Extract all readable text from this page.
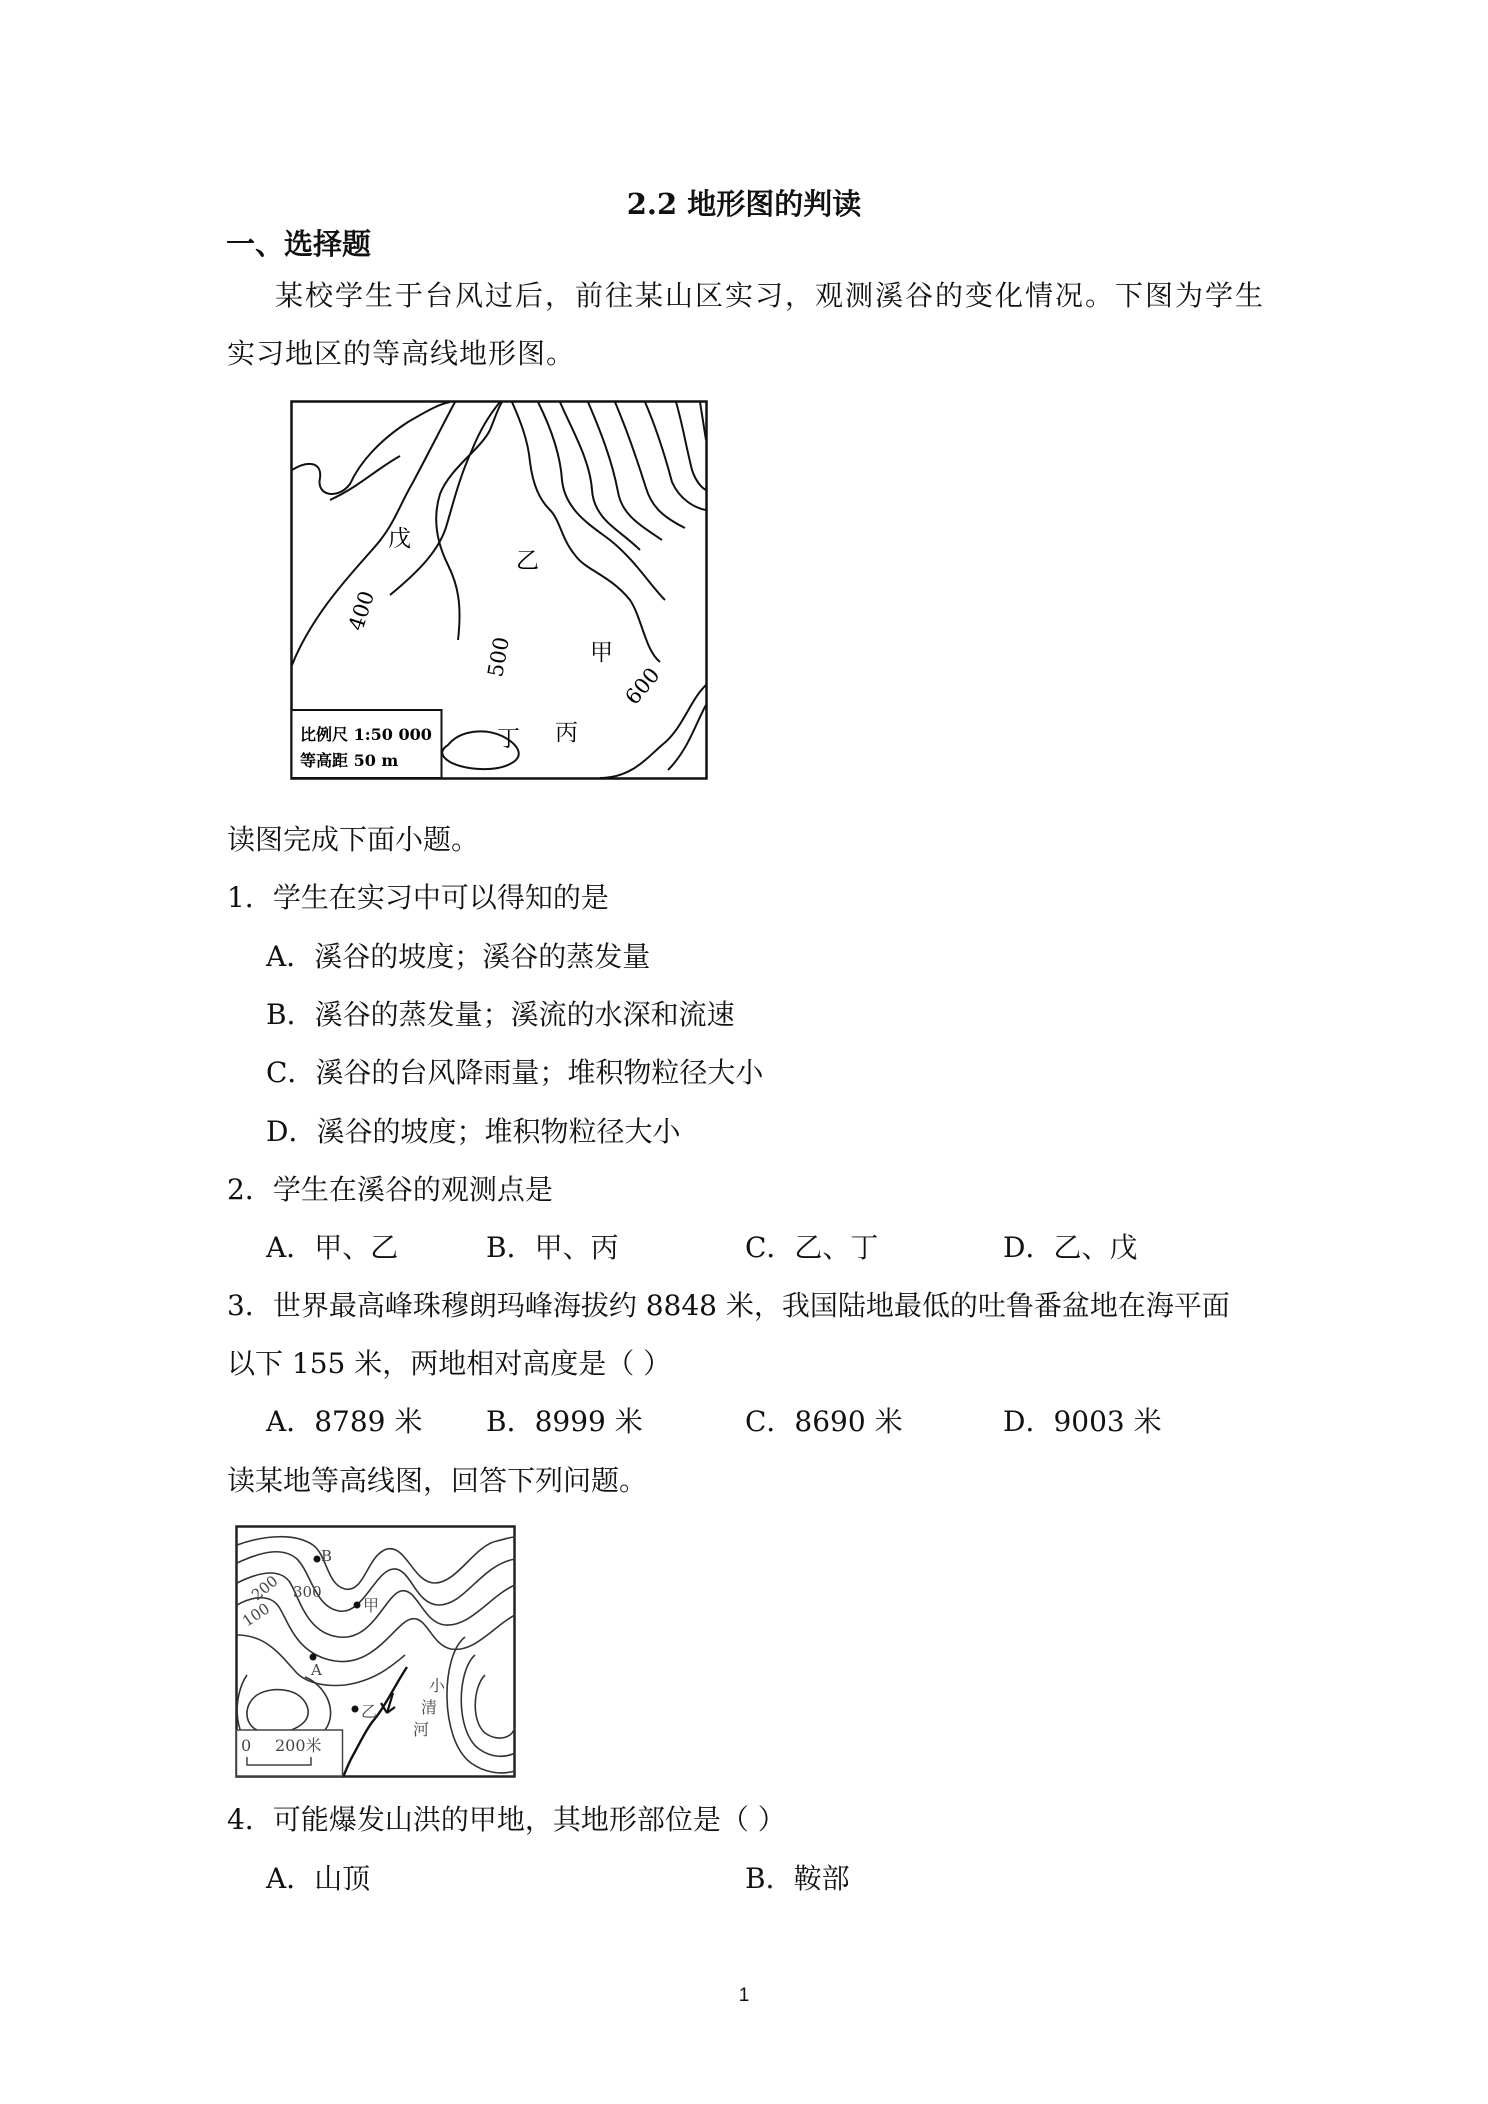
2.2 地形图的判读
一、选择题
某校学生于台风过后，前往某山区实习，观测溪谷的变化情况。下图为学生
实习地区的等高线地形图。
比例尺 1:50 000
等高距 50 m
戊
乙
甲
丁 丙
400
500
600
读图完成下面小题。
1．学生在实习中可以得知的是
A．溪谷的坡度；溪谷的蒸发量
B．溪谷的蒸发量；溪流的水深和流速
C．溪谷的台风降雨量；堆积物粒径大小
D．溪谷的坡度；堆积物粒径大小
2．学生在溪谷的观测点是
A．甲、乙	B．甲、丙	C．乙、丁	D．乙、戊
3．世界最高峰珠穆朗玛峰海拔约 8848 米，我国陆地最低的吐鲁番盆地在海平面
以下 155 米，两地相对高度是（ ）
A．8789 米 B．8999 米	C．8690 米	D．9003 米
读某地等高线图，回答下列问题。
B
甲
A
乙
300
200
100
小
清
河
0 200米
4．可能爆发山洪的甲地，其地形部位是（ ）
A．山顶	B．鞍部
1
